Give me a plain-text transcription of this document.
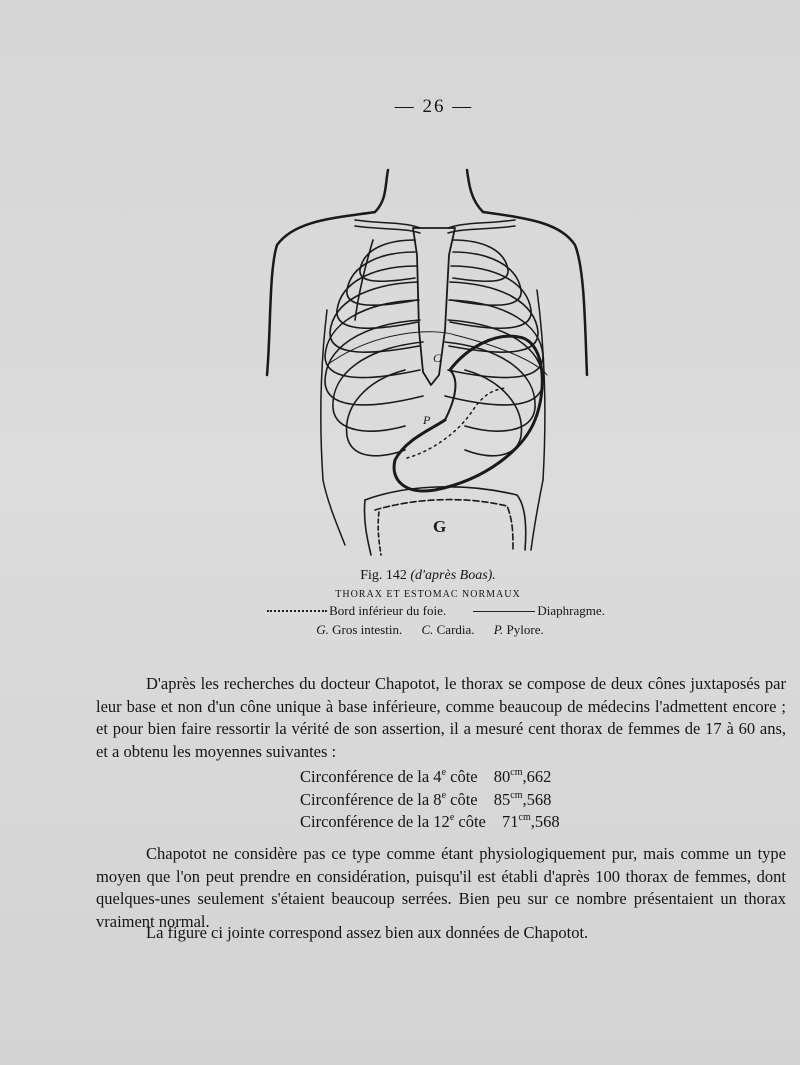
— 26 —
C
P
G
Fig. 142 (d'après Boas).
THORAX ET ESTOMAC NORMAUX
Bord inférieur du foie.	Diaphragme.
G. Gros intestin. C. Cardia. P. Pylore.
D'après les recherches du docteur Chapotot, le thorax se compose de deux cônes juxtaposés par leur base et non d'un cône unique à base inférieure, comme beaucoup de médecins l'admettent encore ; et pour bien faire ressortir la vérité de son assertion, il a mesuré cent thorax de femmes de 17 à 60 ans, et a obtenu les moyennes suivantes :
Circonférence de la 4e côte $80^{cm},662$
Circonférence de la 8e côte $85^{cm},568$
Circonférence de la 12e côte $71^{cm},568$
Chapotot ne considère pas ce type comme étant physiologiquement pur, mais comme un type moyen que l'on peut prendre en considération, puisqu'il est établi d'après 100 thorax de femmes, dont quelques-unes seulement s'étaient beaucoup serrées. Bien peu sur ce nombre présentaient un thorax vraiment normal.
La figure ci jointe correspond assez bien aux données de Chapotot.
